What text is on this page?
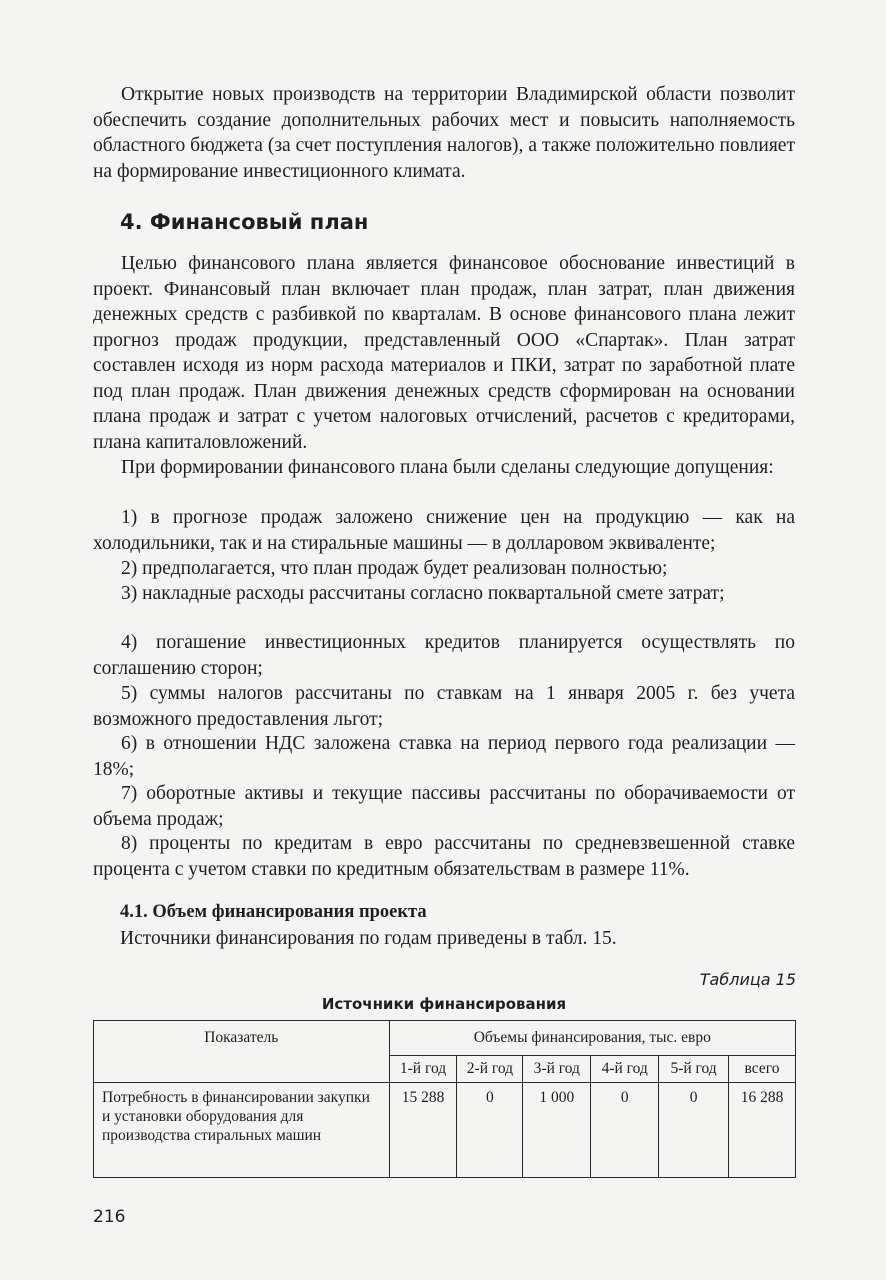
Открытие новых производств на территории Владимирской области позволит обеспечить создание дополнительных рабочих мест и повысить наполняемость областного бюджета (за счет поступления налогов), а также положительно повлияет на формирование инвестиционного климата.

4. Финансовый план

Целью финансового плана является финансовое обоснование инвестиций в проект. Финансовый план включает план продаж, план затрат, план движения денежных средств с разбивкой по кварталам. В основе финансового плана лежит прогноз продаж продукции, представленный ООО «Спартак». План затрат составлен исходя из норм расхода материалов и ПКИ, затрат по заработной плате под план продаж. План движения денежных средств сформирован на основании плана продаж и затрат с учетом налоговых отчислений, расчетов с кредиторами, плана капиталовложений.

При формировании финансового плана были сделаны следующие допущения:

1) в прогнозе продаж заложено снижение цен на продукцию — как на холодильники, так и на стиральные машины — в долларовом эквиваленте;

2) предполагается, что план продаж будет реализован полностью;

3) накладные расходы рассчитаны согласно поквартальной смете затрат;

4) погашение инвестиционных кредитов планируется осуществлять по соглашению сторон;

5) суммы налогов рассчитаны по ставкам на 1 января 2005 г. без учета возможного предоставления льгот;

6) в отношении НДС заложена ставка на период первого года реализации — 18%;

7) оборотные активы и текущие пассивы рассчитаны по оборачиваемости от объема продаж;

8) проценты по кредитам в евро рассчитаны по средневзвешенной ставке процента с учетом ставки по кредитным обязательствам в размере 11%.

4.1. Объем финансирования проекта
Источники финансирования по годам приведены в табл. 15.
Таблица 15
Источники финансирования
Показатель	Объемы финансирования, тыс. евро					
	1-й год	2-й год	3-й год	4-й год	5-й год	всего
Потребность в финансировании закупки и установки оборудования для производства стиральных машин	15 288	0	1 000	0	0	16 288
216
